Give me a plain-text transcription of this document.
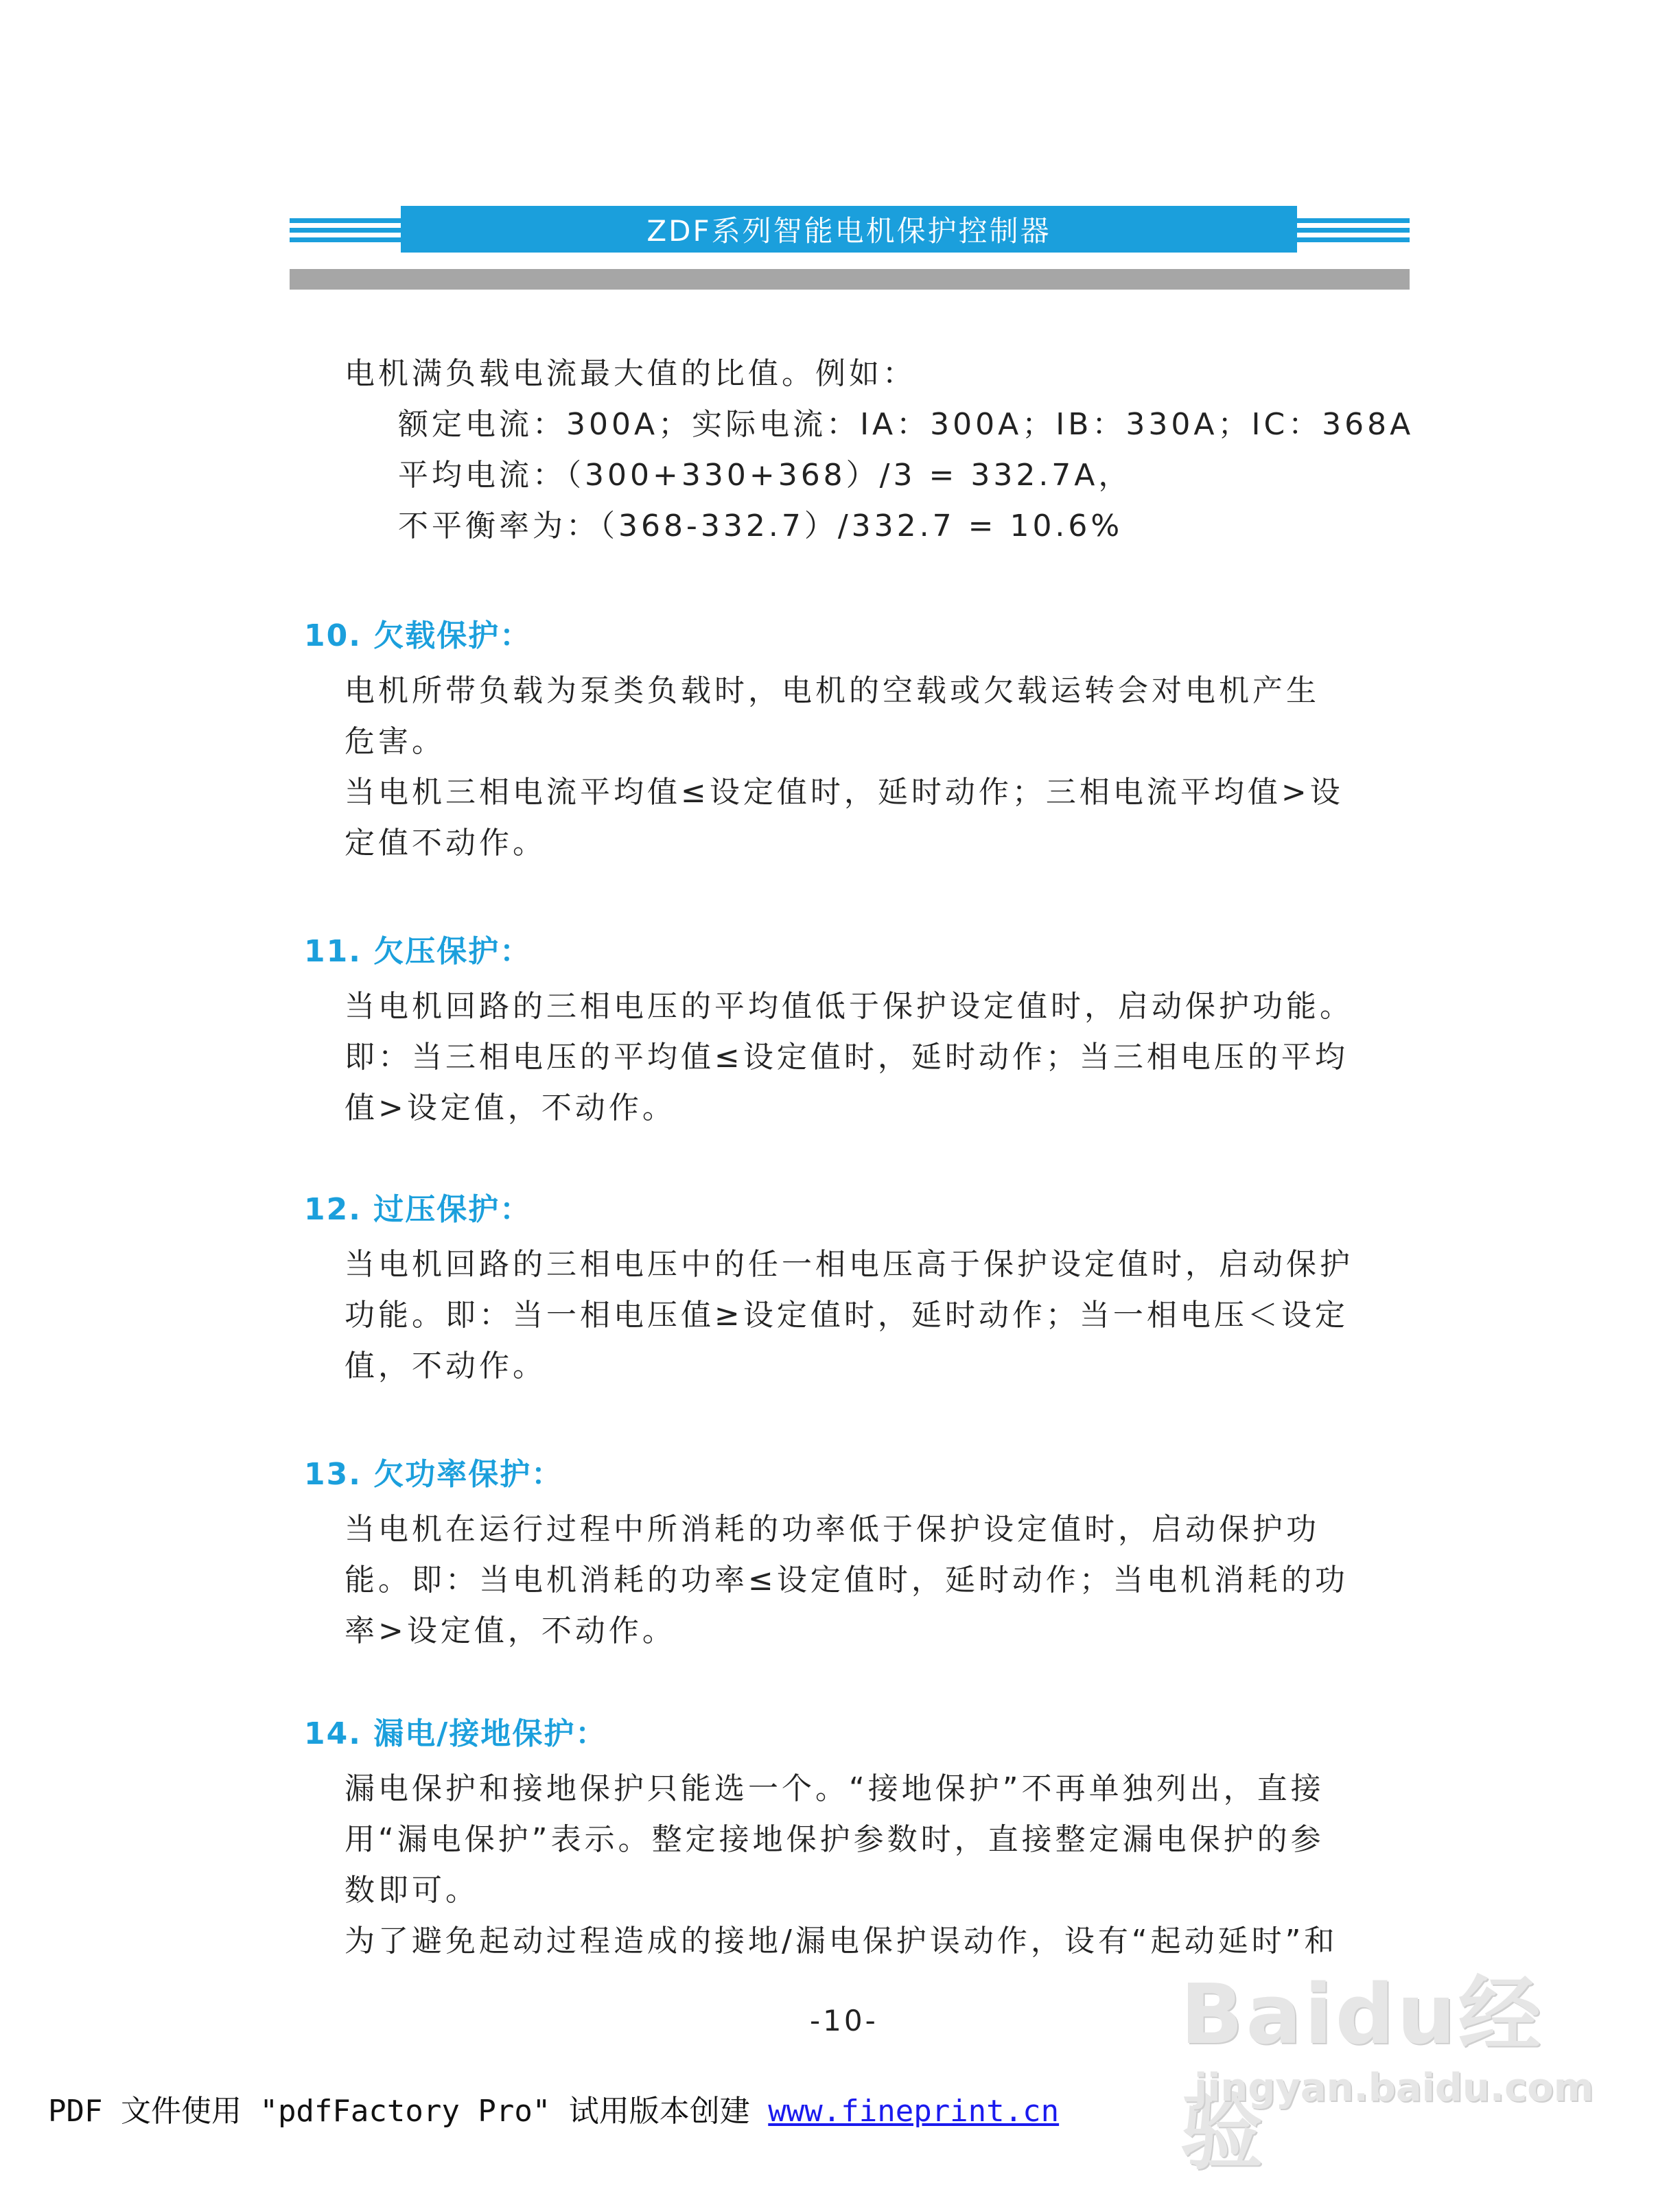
ZDF系列智能电机保护控制器
电机满负载电流最大值的比值。例如：
额定电流：300A；实际电流：IA：300A；IB：330A；IC：368A
平均电流：（300+330+368）/3 = 332.7A，
不平衡率为：（368-332.7）/332.7 = 10.6%
10. 欠载保护：
电机所带负载为泵类负载时，电机的空载或欠载运转会对电机产生
危害。
当电机三相电流平均值≤设定值时，延时动作；三相电流平均值>设
定值不动作。
11. 欠压保护：
当电机回路的三相电压的平均值低于保护设定值时，启动保护功能。
即：当三相电压的平均值≤设定值时，延时动作；当三相电压的平均
值>设定值，不动作。
12. 过压保护：
当电机回路的三相电压中的任一相电压高于保护设定值时，启动保护
功能。即：当一相电压值≥设定值时，延时动作；当一相电压＜设定
值，不动作。
13. 欠功率保护：
当电机在运行过程中所消耗的功率低于保护设定值时，启动保护功
能。即：当电机消耗的功率≤设定值时，延时动作；当电机消耗的功
率>设定值，不动作。
14. 漏电/接地保护：
漏电保护和接地保护只能选一个。“接地保护”不再单独列出，直接
用“漏电保护”表示。整定接地保护参数时，直接整定漏电保护的参
数即可。
为了避免起动过程造成的接地/漏电保护误动作，设有“起动延时”和
-10-	Baidu经验
jingyan.baidu.com
PDF 文件使用 "pdfFactory Pro" 试用版本创建 www.fineprint.cn
